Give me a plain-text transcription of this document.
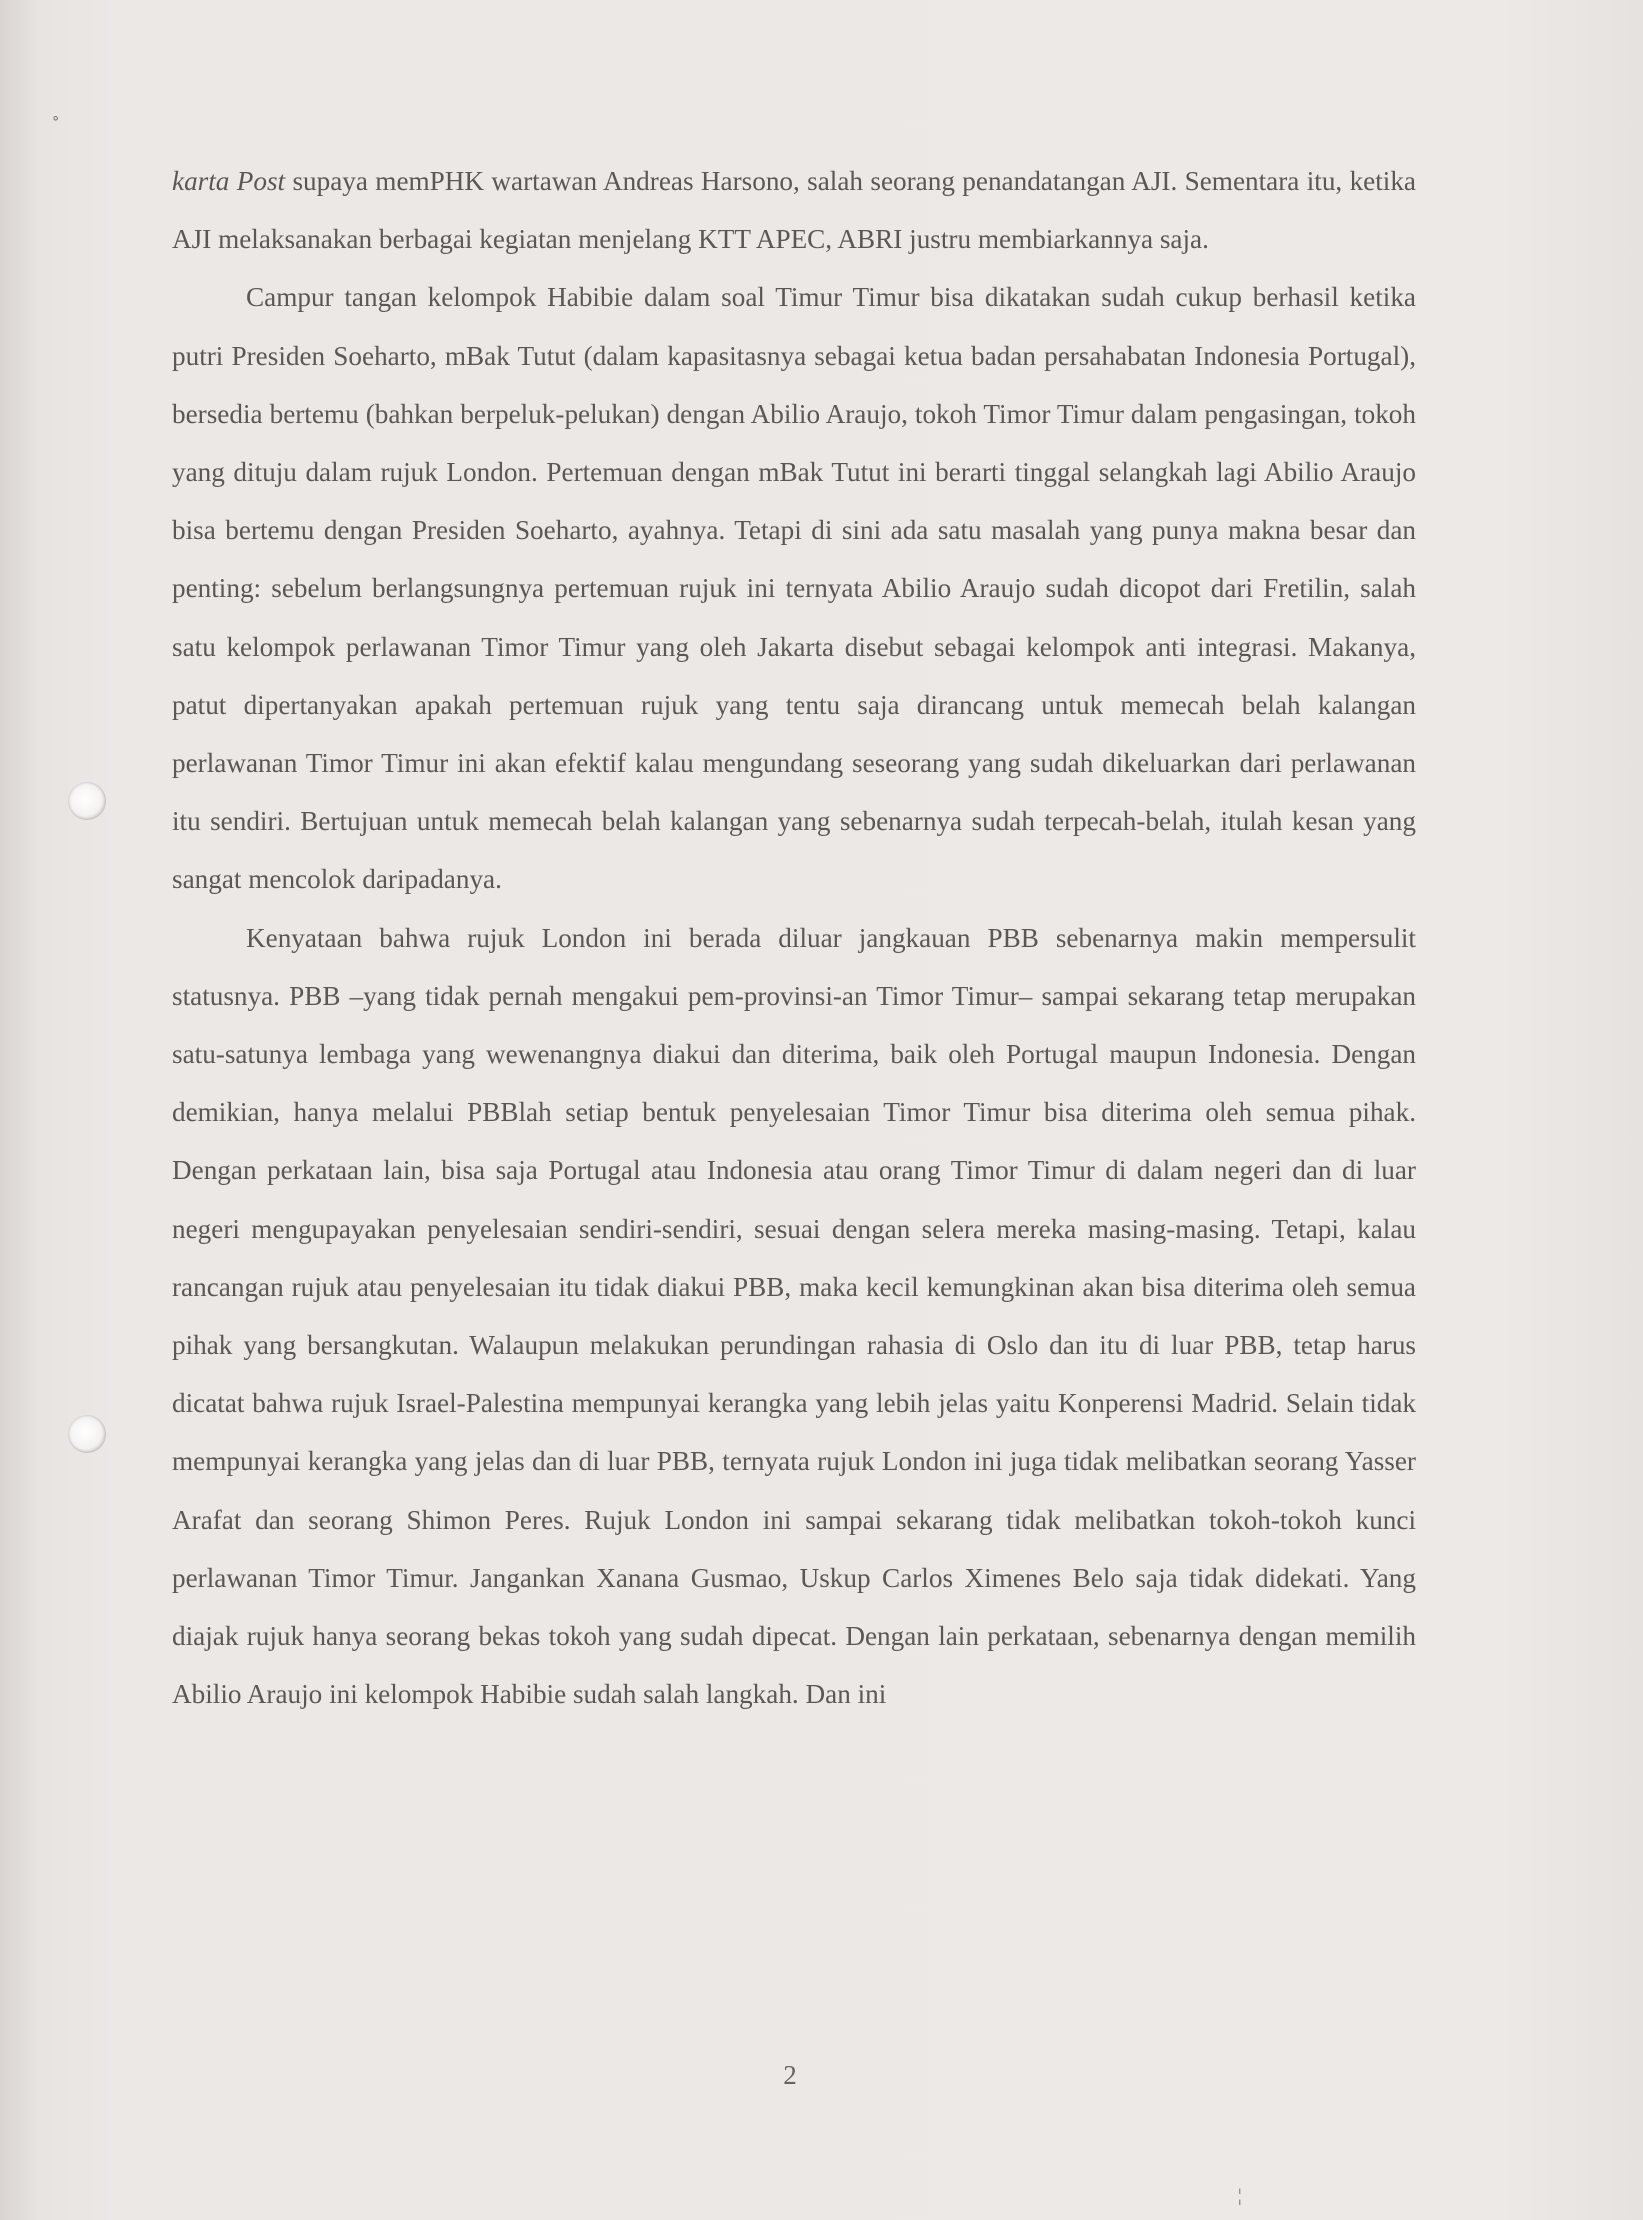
˚
¦

karta Post supaya memPHK wartawan Andreas Harsono, salah seorang penandatangan AJI. Sementara itu, ketika AJI melaksanakan berbagai kegiatan menjelang KTT APEC, ABRI justru membiarkannya saja.

Campur tangan kelompok Habibie dalam soal Timur Timur bisa dikatakan sudah cukup berhasil ketika putri Presiden Soeharto, mBak Tutut (dalam kapasitasnya sebagai ketua badan persahabatan Indonesia Portugal), bersedia bertemu (bahkan berpeluk-pelukan) dengan Abilio Araujo, tokoh Timor Timur dalam pengasingan, tokoh yang dituju dalam rujuk London. Pertemuan dengan mBak Tutut ini berarti tinggal selangkah lagi Abilio Araujo bisa bertemu dengan Presiden Soeharto, ayahnya. Tetapi di sini ada satu masalah yang punya makna besar dan penting: sebelum berlangsungnya pertemuan rujuk ini ternyata Abilio Araujo sudah dicopot dari Fretilin, salah satu kelompok perlawanan Timor Timur yang oleh Jakarta disebut sebagai kelompok anti integrasi. Makanya, patut dipertanyakan apakah pertemuan rujuk yang tentu saja dirancang untuk memecah belah kalangan perlawanan Timor Timur ini akan efektif kalau mengundang seseorang yang sudah dikeluarkan dari perlawanan itu sendiri. Bertujuan untuk memecah belah kalangan yang sebenarnya sudah terpecah-belah, itulah kesan yang sangat mencolok daripadanya.

Kenyataan bahwa rujuk London ini berada diluar jangkauan PBB sebenarnya makin mempersulit statusnya. PBB –yang tidak pernah mengakui pem-provinsi-an Timor Timur– sampai sekarang tetap merupakan satu-satunya lembaga yang wewenangnya diakui dan diterima, baik oleh Portugal maupun Indonesia. Dengan demikian, hanya melalui PBBlah setiap bentuk penyelesaian Timor Timur bisa diterima oleh semua pihak. Dengan perkataan lain, bisa saja Portugal atau Indonesia atau orang Timor Timur di dalam negeri dan di luar negeri mengupayakan penyelesaian sendiri-sendiri, sesuai dengan selera mereka masing-masing. Tetapi, kalau rancangan rujuk atau penyelesaian itu tidak diakui PBB, maka kecil kemungkinan akan bisa diterima oleh semua pihak yang bersangkutan. Walaupun melakukan perundingan rahasia di Oslo dan itu di luar PBB, tetap harus dicatat bahwa rujuk Israel-Palestina mempunyai kerangka yang lebih jelas yaitu Konperensi Madrid. Selain tidak mempunyai kerangka yang jelas dan di luar PBB, ternyata rujuk London ini juga tidak melibatkan seorang Yasser Arafat dan seorang Shimon Peres. Rujuk London ini sampai sekarang tidak melibatkan tokoh-tokoh kunci perlawanan Timor Timur. Jangankan Xanana Gusmao, Uskup Carlos Ximenes Belo saja tidak didekati. Yang diajak rujuk hanya seorang bekas tokoh yang sudah dipecat. Dengan lain perkataan, sebenarnya dengan memilih Abilio Araujo ini kelompok Habibie sudah salah langkah. Dan ini

2
